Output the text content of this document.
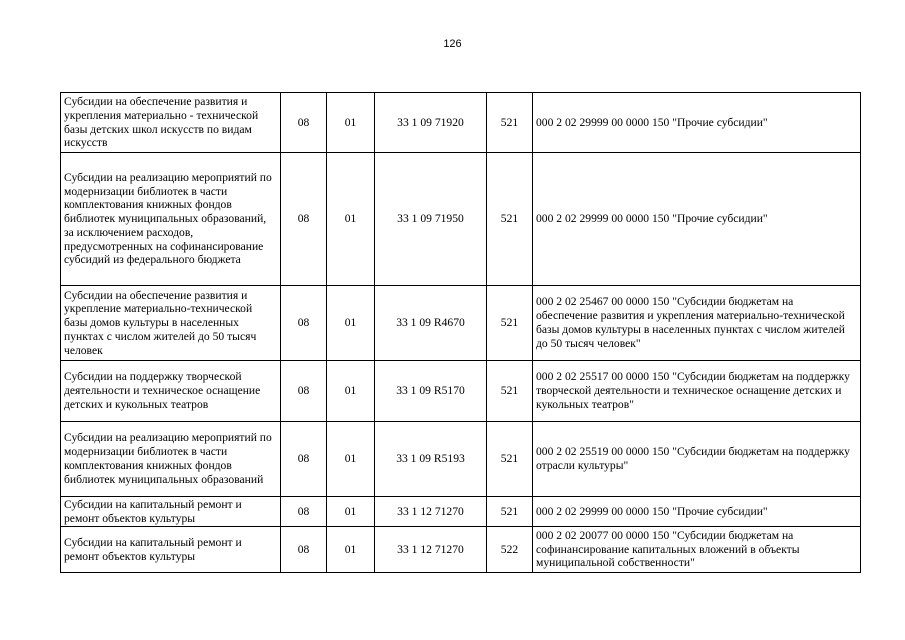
126
Субсидии на обеспечение развития и укрепления материально - технической базы детских школ искусств по видам искусств	08	01	33 1 09 71920	521	000 2 02 29999 00 0000 150 "Прочие субсидии"
Субсидии на реализацию мероприятий по модернизации библиотек в части комплектования книжных фондов библиотек муниципальных образований, за исключением расходов, предусмотренных на софинансирование субсидий из федерального бюджета	08	01	33 1 09 71950	521	000 2 02 29999 00 0000 150 "Прочие субсидии"
Субсидии на обеспечение развития и укрепление материально-технической базы домов культуры в населенных пунктах с числом жителей до 50 тысяч человек	08	01	33 1 09 R4670	521	000 2 02 25467 00 0000 150 "Субсидии бюджетам на обеспечение развития и укрепления материально-технической базы домов культуры в населенных пунктах с числом жителей до 50 тысяч человек"
Субсидии на поддержку творческой деятельности и техническое оснащение детских и кукольных театров	08	01	33 1 09 R5170	521	000 2 02 25517 00 0000 150 "Субсидии бюджетам на поддержку творческой деятельности и техническое оснащение детских и кукольных театров"
Субсидии на реализацию мероприятий по модернизации библиотек в части комплектования книжных фондов библиотек муниципальных образований	08	01	33 1 09 R5193	521	000 2 02 25519 00 0000 150 "Субсидии бюджетам на поддержку отрасли культуры"
Субсидии на капитальный ремонт и ремонт объектов культуры	08	01	33 1 12 71270	521	000 2 02 29999 00 0000 150 "Прочие субсидии"
Субсидии на капитальный ремонт и ремонт объектов культуры	08	01	33 1 12 71270	522	000 2 02 20077 00 0000 150 "Субсидии бюджетам на софинансирование капитальных вложений в объекты муниципальной собственности"
